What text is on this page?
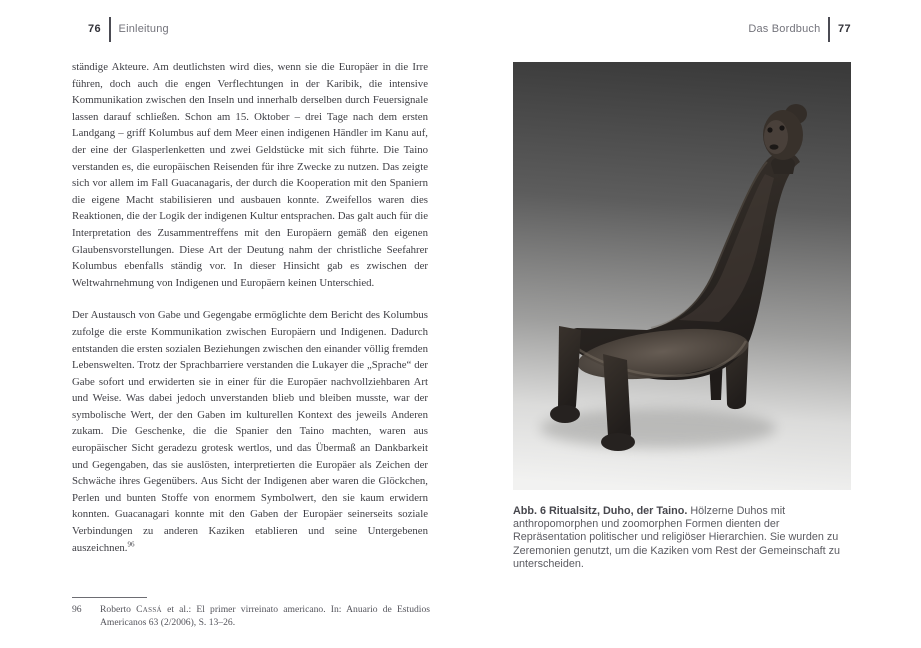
76 Einleitung	Das Bordbuch 77

ständige Akteure. Am deutlichsten wird dies, wenn sie die Europäer in die Irre führen, doch auch die engen Verflechtungen in der Karibik, die intensive Kommunikation zwischen den Inseln und innerhalb derselben durch Feuersignale lassen darauf schließen. Schon am 15. Oktober – drei Tage nach dem ersten Landgang – griff Kolumbus auf dem Meer einen indigenen Händler im Kanu auf, der eine der Glasperlenketten und zwei Geldstücke mit sich führte. Die Taino verstanden es, die europäischen Reisenden für ihre Zwecke zu nutzen. Das zeigte sich vor allem im Fall Guacanagaris, der durch die Kooperation mit den Spaniern die eigene Macht stabilisieren und ausbauen konnte. Zweifellos waren dies Reaktionen, die der Logik der indigenen Kultur entsprachen. Das galt auch für die Interpretation des Zusammentreffens mit den Europäern gemäß den eigenen Glaubensvorstellungen. Diese Art der Deutung nahm der christliche Seefahrer Kolumbus ebenfalls ständig vor. In dieser Hinsicht gab es zwischen der Weltwahrnehmung von Indigenen und Europäern keinen Unterschied.

Der Austausch von Gabe und Gegengabe ermöglichte dem Bericht des Kolumbus zufolge die erste Kommunikation zwischen Europäern und Indigenen. Dadurch entstanden die ersten sozialen Beziehungen zwischen den einander völlig fremden Lebenswelten. Trotz der Sprachbarriere verstanden die Lukayer die „Sprache“ der Gabe sofort und erwiderten sie in einer für die Europäer nachvollziehbaren Art und Weise. Was dabei jedoch unverstanden blieb und bleiben musste, war der symbolische Wert, der den Gaben im kulturellen Kontext des jeweils Anderen zukam. Die Geschenke, die die Spanier den Taino machten, waren aus europäischer Sicht geradezu grotesk wertlos, und das Übermaß an Dankbarkeit und Gegengaben, das sie auslösten, interpretierten die Europäer als Zeichen der Schwäche ihres Gegenübers. Aus Sicht der Indigenen aber waren die Glöckchen, Perlen und bunten Stoffe von enormem Symbolwert, den sie kaum erwidern konnten. Guacanagari konnte mit den Gaben der Europäer seinerseits soziale Verbindungen zu anderen Kaziken etablieren und seine Untergebenen auszeichnen.$^{96}$

96	Roberto Cassá et al.: El primer virreinato americano. In: Anuario de Estudios Americanos 63 (2/2006), S. 13–26.
Abb. 6 Ritualsitz, Duho, der Taino. Hölzerne Duhos mit anthropomorphen und zoomorphen Formen dienten der Repräsentation politischer und religiöser Hierarchien. Sie wurden zu Zeremonien genutzt, um die Kaziken vom Rest der Gemeinschaft zu unterscheiden.
